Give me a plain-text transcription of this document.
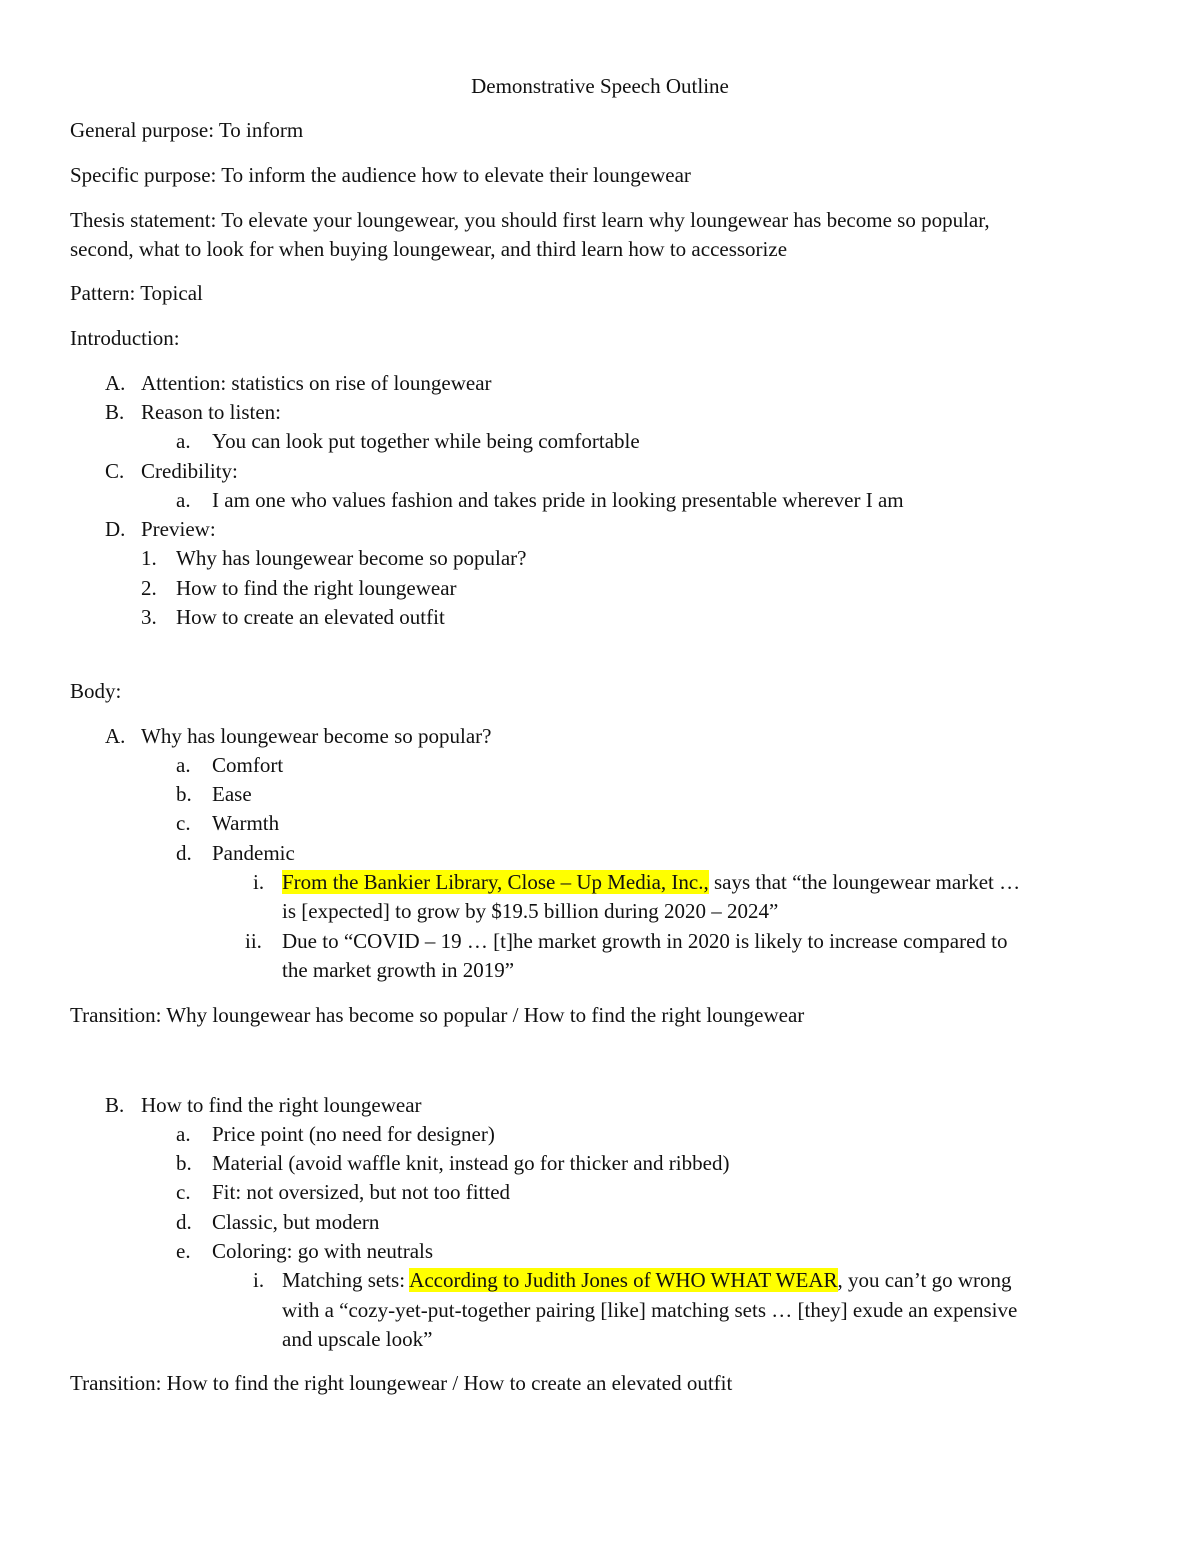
Demonstrative Speech Outline
General purpose: To inform
Specific purpose: To inform the audience how to elevate their loungewear
Thesis statement: To elevate your loungewear, you should first learn why loungewear has become so popular,
second, what to look for when buying loungewear, and third learn how to accessorize
Pattern: Topical
Introduction:
A. Attention: statistics on rise of loungewear
B. Reason to listen:
a. You can look put together while being comfortable
C. Credibility:
a. I am one who values fashion and takes pride in looking presentable wherever I am
D. Preview:
1. Why has loungewear become so popular?
2. How to find the right loungewear
3. How to create an elevated outfit
Body:
A. Why has loungewear become so popular?
a. Comfort
b. Ease
c. Warmth
d. Pandemic
i. From the Bankier Library, Close – Up Media, Inc., says that “the loungewear market …
is [expected] to grow by $19.5 billion during 2020 – 2024”
ii. Due to “COVID – 19 … [t]he market growth in 2020 is likely to increase compared to
the market growth in 2019”
Transition: Why loungewear has become so popular / How to find the right loungewear
B. How to find the right loungewear
a. Price point (no need for designer)
b. Material (avoid waffle knit, instead go for thicker and ribbed)
c. Fit: not oversized, but not too fitted
d. Classic, but modern
e. Coloring: go with neutrals
i. Matching sets: According to Judith Jones of WHO WHAT WEAR, you can’t go wrong
with a “cozy-yet-put-together pairing [like] matching sets … [they] exude an expensive
and upscale look”
Transition: How to find the right loungewear / How to create an elevated outfit
